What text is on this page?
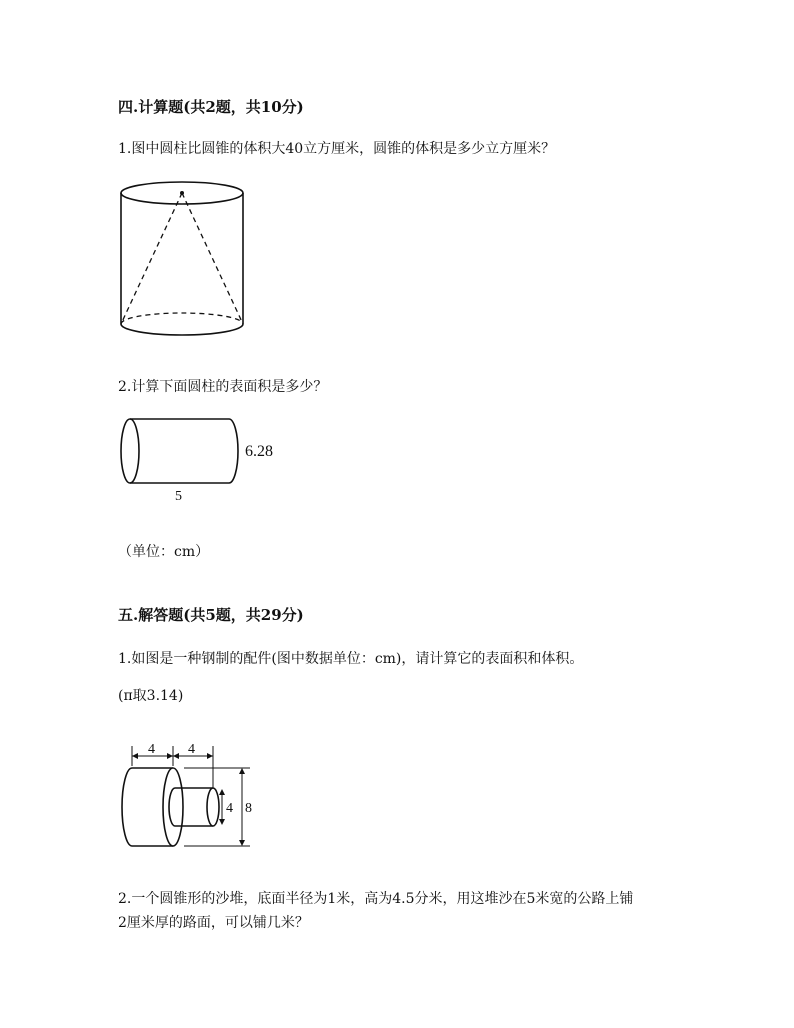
四.计算题(共2题，共10分)
1.图中圆柱比圆锥的体积大40立方厘米，圆锥的体积是多少立方厘米？
2.计算下面圆柱的表面积是多少？
6.28
5
（单位：cm）
五.解答题(共5题，共29分)
1.如图是一种钢制的配件(图中数据单位：cm)，请计算它的表面积和体积。
(π取3.14)
4 4
4 8
2.一个圆锥形的沙堆，底面半径为1米，高为4.5分米，用这堆沙在5米宽的公路上铺
2厘米厚的路面，可以铺几米？
